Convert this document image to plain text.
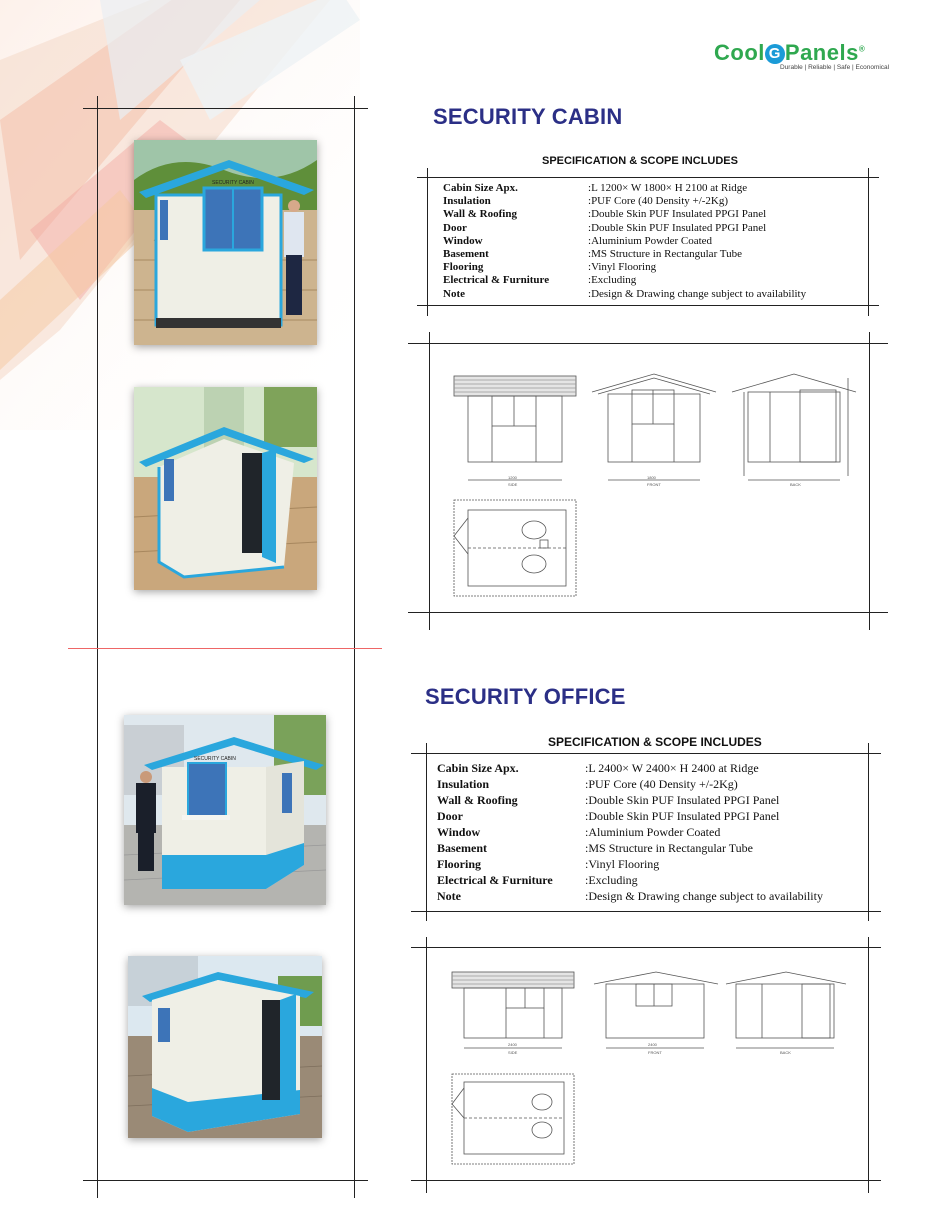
Cool G Panels®
Durable | Reliable | Safe | Economical
SECURITY CABIN
SPECIFICATION & SCOPE INCLUDES
Cabin Size Apx.	:	L 1200× W 1800× H 2100 at Ridge
Insulation	:	PUF Core (40 Density +/-2Kg)
Wall & Roofing	:	Double Skin PUF Insulated PPGI Panel
Door	:	Double Skin PUF Insulated PPGI Panel
Window	:	Aluminium Powder Coated
Basement	:	MS Structure in Rectangular Tube
Flooring	:	Vinyl Flooring
Electrical & Furniture	:	Excluding
Note	:	Design & Drawing change subject to availability
SECURITY CABIN
SIDE
1200
FRONT
1800
BACK
SECURITY OFFICE
SPECIFICATION & SCOPE INCLUDES
Cabin Size Apx.	:	L 2400× W 2400× H 2400 at Ridge
Insulation	:	PUF Core (40 Density +/-2Kg)
Wall & Roofing	:	Double Skin PUF Insulated PPGI Panel
Door	:	Double Skin PUF Insulated PPGI Panel
Window	:	Aluminium Powder Coated
Basement	:	MS Structure in Rectangular Tube
Flooring	:	Vinyl Flooring
Electrical & Furniture	:	Excluding
Note	:	Design & Drawing change subject to availability
SECURITY CABIN
SIDE
2400
FRONT
2400
BACK
